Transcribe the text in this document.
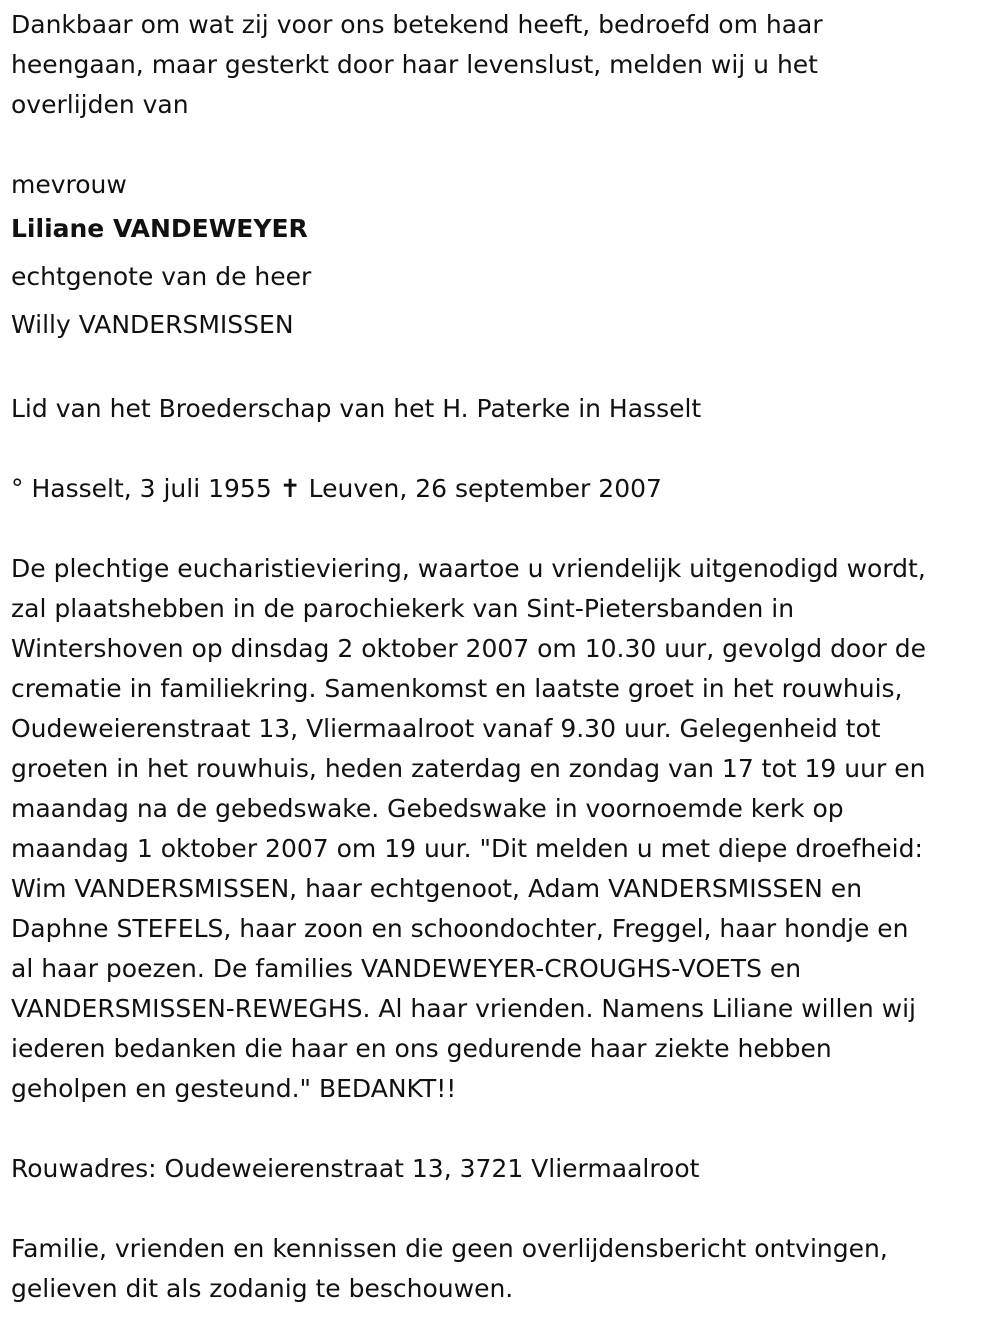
Dankbaar om wat zij voor ons betekend heeft, bedroefd om haar
heengaan, maar gesterkt door haar levenslust, melden wij u het
overlijden van

mevrouw

Liliane VANDEWEYER

echtgenote van de heer

Willy VANDERSMISSEN

Lid van het Broederschap van het H. Paterke in Hasselt

° Hasselt, 3 juli 1955 ✝ Leuven, 26 september 2007

De plechtige eucharistieviering, waartoe u vriendelijk uitgenodigd wordt,
zal plaatshebben in de parochiekerk van Sint-Pietersbanden in
Wintershoven op dinsdag 2 oktober 2007 om 10.30 uur, gevolgd door de
crematie in familiekring. Samenkomst en laatste groet in het rouwhuis,
Oudeweierenstraat 13, Vliermaalroot vanaf 9.30 uur. Gelegenheid tot
groeten in het rouwhuis, heden zaterdag en zondag van 17 tot 19 uur en
maandag na de gebedswake. Gebedswake in voornoemde kerk op
maandag 1 oktober 2007 om 19 uur. "Dit melden u met diepe droefheid:
Wim VANDERSMISSEN, haar echtgenoot, Adam VANDERSMISSEN en
Daphne STEFELS, haar zoon en schoondochter, Freggel, haar hondje en
al haar poezen. De families VANDEWEYER-CROUGHS-VOETS en
VANDERSMISSEN-REWEGHS. Al haar vrienden. Namens Liliane willen wij
iederen bedanken die haar en ons gedurende haar ziekte hebben
geholpen en gesteund." BEDANKT!!

Rouwadres: Oudeweierenstraat 13, 3721 Vliermaalroot

Familie, vrienden en kennissen die geen overlijdensbericht ontvingen,
gelieven dit als zodanig te beschouwen.
